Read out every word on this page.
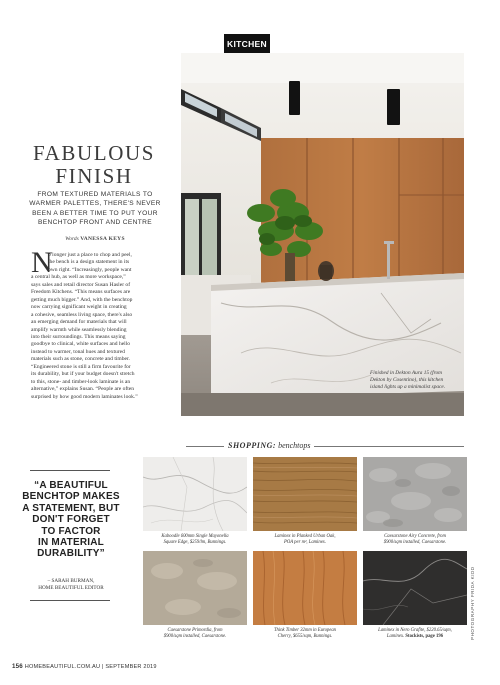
KITCHEN
Finished in Dekton Aura 15 (from
Dekton by Cosentino), this kitchen
island lights up a minimalist space.
FABULOUS
FINISH
FROM TEXTURED MATERIALS TO
WARMER PALETTES, THERE'S NEVER
BEEN A BETTER TIME TO PUT YOUR
BENCHTOP FRONT AND CENTRE
Words VANESSA KEYS
N
o longer just a place to chop and peel,
the bench is a design statement in its
own right. “Increasingly, people want
a central hub, as well as more workspace,”
says sales and retail director Susan Hasler of
Freedom Kitchens. “This means surfaces are
getting much bigger.” And, with the benchtop
now carrying significant weight in creating
a cohesive, seamless living space, there's also
an emerging demand for materials that will
amplify warmth while seamlessly blending
into their surroundings. This means saying
goodbye to clinical, white surfaces and hello
instead to warmer, tonal hues and textured
materials such as stone, concrete and timber.
“Engineered stone is still a firm favourite for
its durability, but if your budget doesn't stretch
to this, stone- and timber-look laminate is an
alternative,” explains Susan. “People are often
surprised by how good modern laminates look.”
SHOPPING: benchtops
“A BEAUTIFUL
BENCHTOP MAKES
A STATEMENT, BUT
DON'T FORGET
TO FACTOR
IN MATERIAL
DURABILITY”
– SARAH BURMAN,
HOME BEAUTIFUL EDITOR
Kaboodle 600mm Single Mayonella
Square Edge, $259/lm, Bunnings.
Laminex in Planked Urban Oak,
POA per m², Laminex.
Caesarstone Airy Concrete, from
$900/sqm installed, Caesarstone.
Caesarstone Primordia, from
$900/sqm installed, Caesarstone.
Think Timber 32mm in European
Cherry, $655/sqm, Bunnings.
Laminex in Nero Grafite, $220.65/sqm,
Laminex. Stockists, page 196
156 HOMEBEAUTIFUL.COM.AU | SEPTEMBER 2019
PHOTOGRAPHY FRIDA KIDD
